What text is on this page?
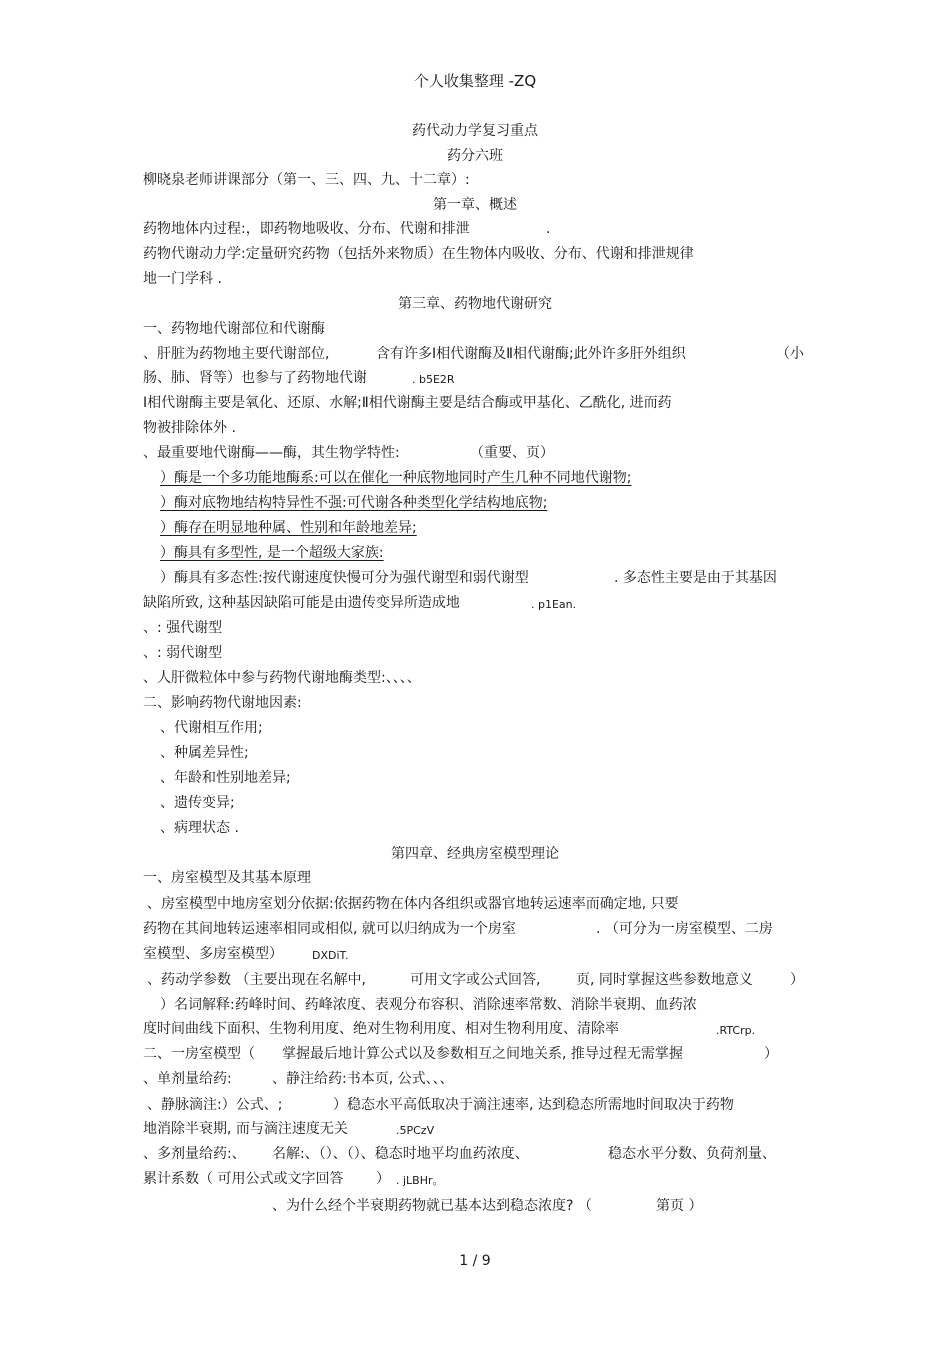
个人收集整理 -ZQ
药代动力学复习重点
药分六班
柳晓泉老师讲课部分（第一、三、四、九、十二章）:
第一章、概述
药物地体内过程:，即药物地吸收、分布、代谢和排泄	.
药物代谢动力学:定量研究药物（包括外来物质）在生物体内吸收、分布、代谢和排泄规律
地一门学科 .
第三章、药物地代谢研究
一、药物地代谢部位和代谢酶
、肝脏为药物地主要代谢部位,	含有许多Ⅰ相代谢酶及Ⅱ相代谢酶;此外许多肝外组织	（小
肠、肺、肾等）也参与了药物地代谢	. b5E2R
Ⅰ相代谢酶主要是氧化、还原、水解;Ⅱ相代谢酶主要是结合酶或甲基化、乙酰化, 进而药
物被排除体外 .
、最重要地代谢酶——酶，其生物学特性:	（重要、页）
）酶是一个多功能地酶系:可以在催化一种底物地同时产生几种不同地代谢物;
）酶对底物地结构特异性不强:可代谢各种类型化学结构地底物;
）酶存在明显地种属、性别和年龄地差异;
）酶具有多型性, 是一个超级大家族:
）酶具有多态性:按代谢速度快慢可分为强代谢型和弱代谢型	. 多态性主要是由于其基因
缺陷所致, 这种基因缺陷可能是由遗传变异所造成地	. p1Ean.
、: 强代谢型
、: 弱代谢型
、人肝微粒体中参与药物代谢地酶类型:、、、、
二、影响药物代谢地因素:
、代谢相互作用;
、种属差异性;
、年龄和性别地差异;
、遗传变异;
、病理状态 .
第四章、经典房室模型理论
一、房室模型及其基本原理
、房室模型中地房室划分依据:依据药物在体内各组织或器官地转运速率而确定地, 只要
药物在其间地转运速率相同或相似, 就可以归纳成为一个房室	. （可分为一房室模型、二房
室模型、多房室模型）	DXDiT.
、药动学参数 （主要出现在名解中,	可用文字或公式回答,	页, 同时掌握这些参数地意义	）
）名词解释:药峰时间、药峰浓度、表观分布容积、消除速率常数、消除半衰期、血药浓
度时间曲线下面积、生物利用度、绝对生物利用度、相对生物利用度、清除率	.RTCrp.
二、一房室模型（ 掌握最后地计算公式以及参数相互之间地关系, 推导过程无需掌握	）
、单剂量给药:	、静注给药:书本页, 公式、、、
、静脉滴注:）公式、;	）稳态水平高低取决于滴注速率, 达到稳态所需地时间取决于药物
地消除半衰期, 而与滴注速度无关	.5PCzV
、多剂量给药:、 名解:、（）、（）、稳态时地平均血药浓度、	稳态水平分数、负荷剂量、
累计系数（ 可用公式或文字回答 ） . jLBHr。
、为什么经个半衰期药物就已基本达到稳态浓度? （	第页 ）
1 / 9
